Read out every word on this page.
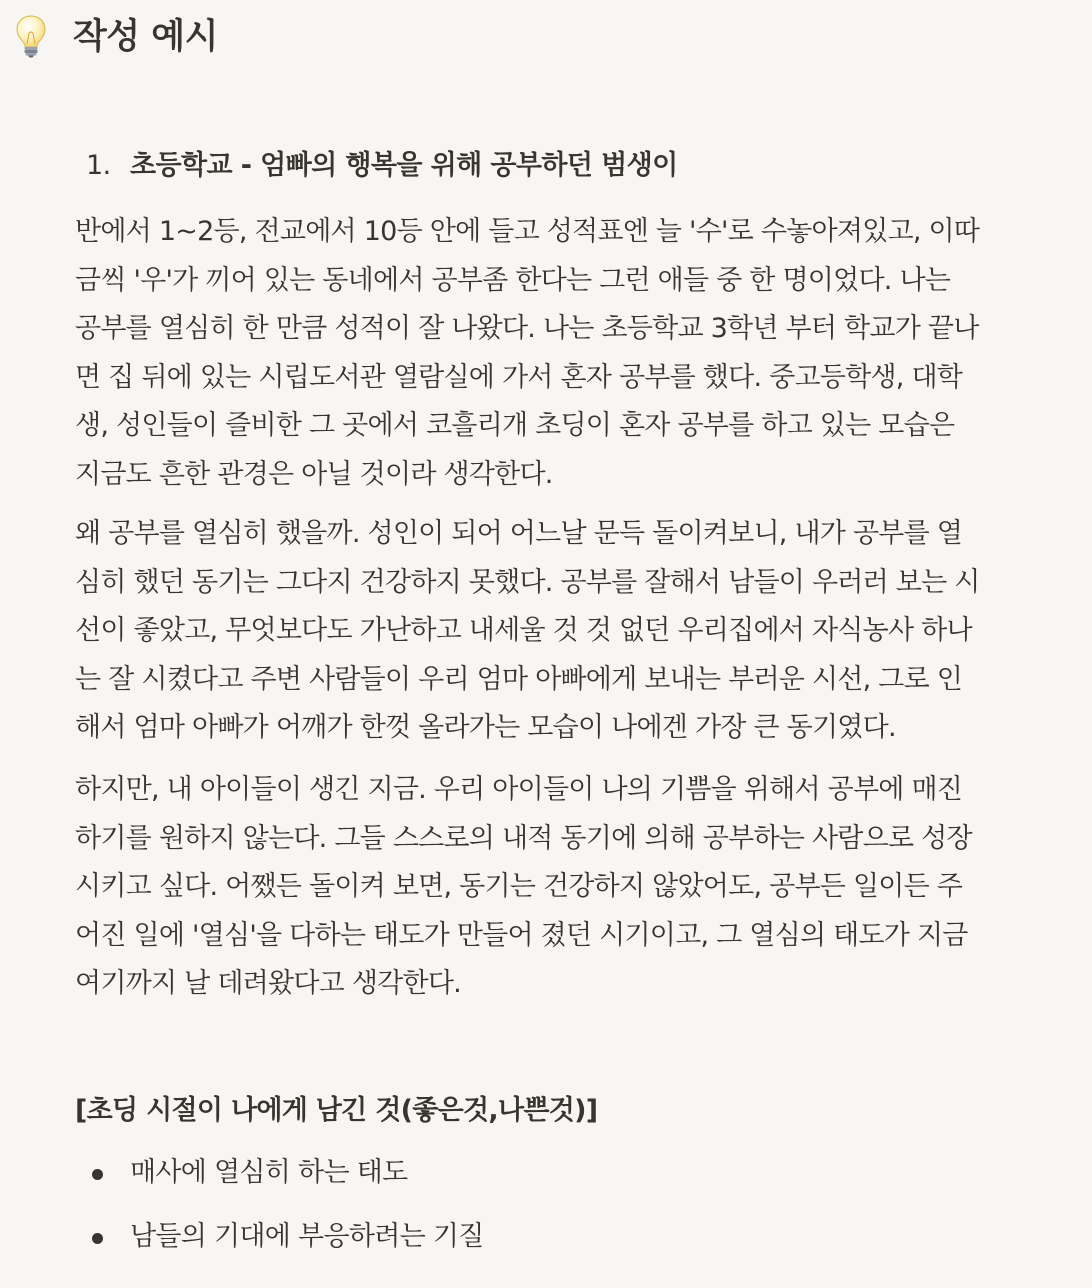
작성 예시
1. 초등학교 - 엄빠의 행복을 위해 공부하던 범생이
반에서 1~2등, 전교에서 10등 안에 들고 성적표엔 늘 '수'로 수놓아져있고, 이따
금씩 '우'가 끼어 있는 동네에서 공부좀 한다는 그런 애들 중 한 명이었다. 나는
공부를 열심히 한 만큼 성적이 잘 나왔다. 나는 초등학교 3학년 부터 학교가 끝나
면 집 뒤에 있는 시립도서관 열람실에 가서 혼자 공부를 했다. 중고등학생, 대학
생, 성인들이 즐비한 그 곳에서 코흘리개 초딩이 혼자 공부를 하고 있는 모습은
지금도 흔한 관경은 아닐 것이라 생각한다.
왜 공부를 열심히 했을까. 성인이 되어 어느날 문득 돌이켜보니, 내가 공부를 열
심히 했던 동기는 그다지 건강하지 못했다. 공부를 잘해서 남들이 우러러 보는 시
선이 좋았고, 무엇보다도 가난하고 내세울 것 것 없던 우리집에서 자식농사 하나
는 잘 시켰다고 주변 사람들이 우리 엄마 아빠에게 보내는 부러운 시선, 그로 인
해서 엄마 아빠가 어깨가 한껏 올라가는 모습이 나에겐 가장 큰 동기였다.
하지만, 내 아이들이 생긴 지금. 우리 아이들이 나의 기쁨을 위해서 공부에 매진
하기를 원하지 않는다. 그들 스스로의 내적 동기에 의해 공부하는 사람으로 성장
시키고 싶다. 어쨌든 돌이켜 보면, 동기는 건강하지 않았어도, 공부든 일이든 주
어진 일에 '열심'을 다하는 태도가 만들어 졌던 시기이고, 그 열심의 태도가 지금
여기까지 날 데려왔다고 생각한다.
[초딩 시절이 나에게 남긴 것(좋은것,나쁜것)]
매사에 열심히 하는 태도
남들의 기대에 부응하려는 기질
